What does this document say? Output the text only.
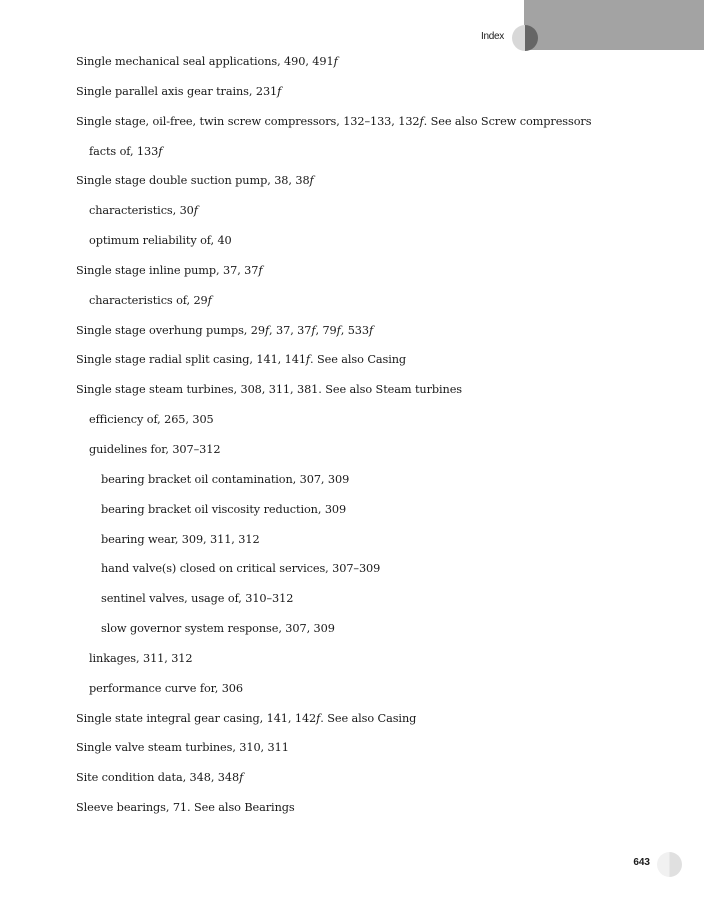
Index
Single mechanical seal applications, 490, 491f
Single parallel axis gear trains, 231f
Single stage, oil-free, twin screw compressors, 132–133, 132f. See also Screw compressors
facts of, 133f
Single stage double suction pump, 38, 38f
characteristics, 30f
optimum reliability of, 40
Single stage inline pump, 37, 37f
characteristics of, 29f
Single stage overhung pumps, 29f, 37, 37f, 79f, 533f
Single stage radial split casing, 141, 141f. See also Casing
Single stage steam turbines, 308, 311, 381. See also Steam turbines
efficiency of, 265, 305
guidelines for, 307–312
bearing bracket oil contamination, 307, 309
bearing bracket oil viscosity reduction, 309
bearing wear, 309, 311, 312
hand valve(s) closed on critical services, 307–309
sentinel valves, usage of, 310–312
slow governor system response, 307, 309
linkages, 311, 312
performance curve for, 306
Single state integral gear casing, 141, 142f. See also Casing
Single valve steam turbines, 310, 311
Site condition data, 348, 348f
Sleeve bearings, 71. See also Bearings
643
